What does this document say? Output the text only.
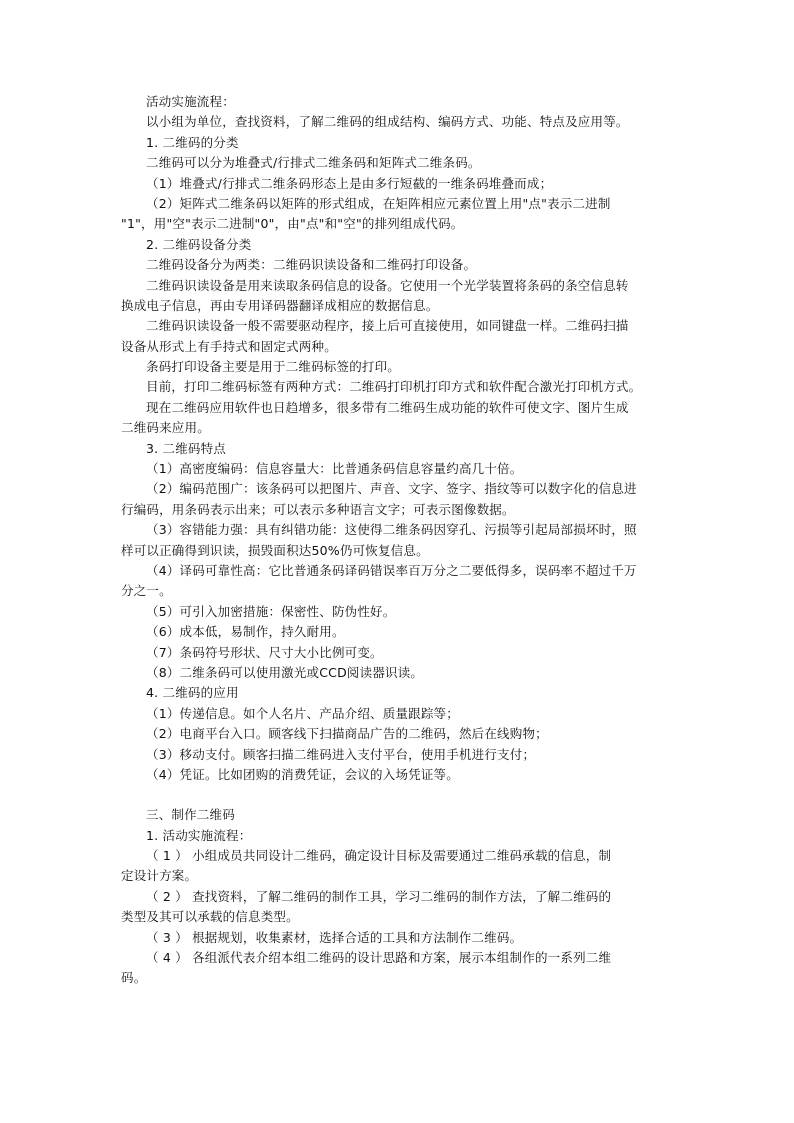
活动实施流程：
以小组为单位，查找资料，了解二维码的组成结构、编码方式、功能、特点及应用等。
1. 二维码的分类
二维码可以分为堆叠式/行排式二维条码和矩阵式二维条码。
（1）堆叠式/行排式二维条码形态上是由多行短截的一维条码堆叠而成；
（2）矩阵式二维条码以矩阵的形式组成，在矩阵相应元素位置上用"点"表示二进制
"1"，用"空"表示二进制"0"，由"点"和"空"的排列组成代码。
2. 二维码设备分类
二维码设备分为两类：二维码识读设备和二维码打印设备。
二维码识读设备是用来读取条码信息的设备。它使用一个光学装置将条码的条空信息转
换成电子信息，再由专用译码器翻译成相应的数据信息。
二维码识读设备一般不需要驱动程序，接上后可直接使用，如同键盘一样。二维码扫描
设备从形式上有手持式和固定式两种。
条码打印设备主要是用于二维码标签的打印。
目前，打印二维码标签有两种方式：二维码打印机打印方式和软件配合激光打印机方式。
现在二维码应用软件也日趋增多，很多带有二维码生成功能的软件可使文字、图片生成
二维码来应用。
3. 二维码特点
（1）高密度编码：信息容量大：比普通条码信息容量约高几十倍。
（2）编码范围广：该条码可以把图片、声音、文字、签字、指纹等可以数字化的信息进
行编码，用条码表示出来；可以表示多种语言文字；可表示图像数据。
（3）容错能力强：具有纠错功能：这使得二维条码因穿孔、污损等引起局部损坏时，照
样可以正确得到识读，损毁面积达50%仍可恢复信息。
（4）译码可靠性高：它比普通条码译码错误率百万分之二要低得多，误码率不超过千万
分之一。
（5）可引入加密措施：保密性、防伪性好。
（6）成本低，易制作，持久耐用。
（7）条码符号形状、尺寸大小比例可变。
（8）二维条码可以使用激光或CCD阅读器识读。
4. 二维码的应用
（1）传递信息。如个人名片、产品介绍、质量跟踪等；
（2）电商平台入口。顾客线下扫描商品广告的二维码，然后在线购物；
（3）移动支付。顾客扫描二维码进入支付平台，使用手机进行支付；
（4）凭证。比如团购的消费凭证，会议的入场凭证等。
三、制作二维码
1. 活动实施流程：
（ 1 ） 小组成员共同设计二维码，确定设计目标及需要通过二维码承载的信息，制
定设计方案。
（ 2 ） 查找资料，了解二维码的制作工具，学习二维码的制作方法，了解二维码的
类型及其可以承载的信息类型。
（ 3 ） 根据规划，收集素材，选择合适的工具和方法制作二维码。
（ 4 ） 各组派代表介绍本组二维码的设计思路和方案，展示本组制作的一系列二维
码。
